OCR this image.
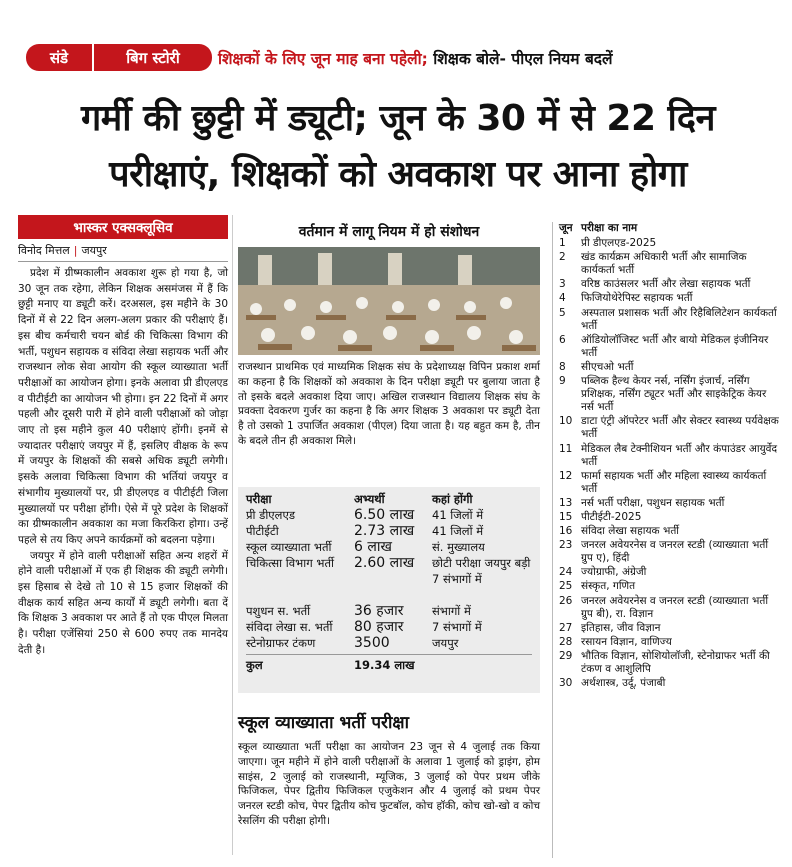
संडे	बिग स्टोरी शिक्षकों के लिए जून माह बना पहेली;
शिक्षक बोले- पीएल नियम बदलें
गर्मी की छुट्टी में ड्यूटी; जून के 30 में से 22 दिन
परीक्षाएं, शिक्षकों को अवकाश पर आना होगा
भास्कर एक्सक्लूसिव
विनोद मित्तल | जयपुर

प्रदेश में ग्रीष्मकालीन अवकाश शुरू हो गया है, जो 30 जून तक रहेगा, लेकिन शिक्षक असमंजस में हैं कि छुट्टी मनाए या ड्यूटी करें। दरअसल, इस महीने के 30 दिनों में से 22 दिन अलग-अलग प्रकार की परीक्षाएं हैं। इस बीच कर्मचारी चयन बोर्ड की चिकित्सा विभाग की भर्ती, पशुधन सहायक व संविदा लेखा सहायक भर्ती और राजस्थान लोक सेवा आयोग की स्कूल व्याख्याता भर्ती परीक्षाओं का आयोजन होगा। इनके अलावा प्री डीएलएड व पीटीईटी का आयोजन भी होगा। इन 22 दिनों में अगर पहली और दूसरी पारी में होने वाली परीक्षाओं को जोड़ा जाए तो इस महीने कुल 40 परीक्षाएं होंगी। इनमें से ज्यादातर परीक्षाएं जयपुर में हैं, इसलिए वीक्षक के रूप में जयपुर के शिक्षकों की सबसे अधिक ड्यूटी लगेगी। इसके अलावा चिकित्सा विभाग की भर्तियां जयपुर व संभागीय मुख्यालयों पर, प्री डीएलएड व पीटीईटी जिला मुख्यालयों पर परीक्षा होंगी। ऐसे में पूरे प्रदेश के शिक्षकों का ग्रीष्मकालीन अवकाश का मजा किरकिरा होगा। उन्हें पहले से तय किए अपने कार्यक्रमों को बदलना पड़ेगा।

जयपुर में होने वाली परीक्षाओं सहित अन्य शहरों में होने वाली परीक्षाओं में एक ही शिक्षक की ड्यूटी लगेगी। इस हिसाब से देखे तो 10 से 15 हजार शिक्षकों की वीक्षक कार्य सहित अन्य कार्यों में ड्यूटी लगेगी। बता दें कि शिक्षक 3 अवकाश पर आते हैं तो एक पीएल मिलता है। परीक्षा एजेंसियां 250 से 600 रुपए तक मानदेय देती है।

वर्तमान में लागू नियम में हो संशोधन
राजस्थान प्राथमिक एवं माध्यमिक शिक्षक संघ के प्रदेशाध्यक्ष विपिन प्रकाश शर्मा का कहना है कि शिक्षकों को अवकाश के दिन परीक्षा ड्यूटी पर बुलाया जाता है तो इसके बदले अवकाश दिया जाए। अखिल राजस्थान विद्यालय शिक्षक संघ के प्रवक्ता देवकरण गुर्जर का कहना है कि अगर शिक्षक 3 अवकाश पर ड्यूटी देता है तो उसको 1 उपार्जित अवकाश (पीएल) दिया जाता है। यह बहुत कम है, तीन के बदले तीन ही अवकाश मिले।
परीक्षा	अभ्यर्थी	कहां होंगी
प्री डीएलएड	6.50 लाख	41 जिलों में
पीटीईटी	2.73 लाख	41 जिलों में
स्कूल व्याख्याता भर्ती	6 लाख	सं. मुख्यालय
चिकित्सा विभाग भर्ती	2.60 लाख	छोटी परीक्षा जयपुर बड़ी 7 संभागों में
पशुधन स. भर्ती	36 हजार	संभागों में
संविदा लेखा स. भर्ती	80 हजार	7 संभागों में
स्टेनोग्राफर टंकण	3500	जयपुर
कुल	19.34 लाख
स्कूल व्याख्याता भर्ती परीक्षा
स्कूल व्याख्याता भर्ती परीक्षा का आयोजन 23 जून से 4 जुलाई तक किया जाएगा। जून महीने में होने वाली परीक्षाओं के अलावा 1 जुलाई को ड्राइंग, होम साइंस, 2 जुलाई को राजस्थानी, म्यूजिक, 3 जुलाई को पेपर प्रथम जीके फिजिकल, पेपर द्वितीय फिजिकल एजुकेशन और 4 जुलाई को प्रथम पेपर जनरल स्टडी कोच, पेपर द्वितीय कोच फुटबॉल, कोच हॉकी, कोच खो-खो व कोच रेसलिंग की परीक्षा होगी।
जून परीक्षा का नाम
1	प्री डीएलएड-2025
2	खंड कार्यक्रम अधिकारी भर्ती और सामाजिक कार्यकर्ता भर्ती
3	वरिष्ठ काउंसलर भर्ती और लेखा सहायक भर्ती
4	फिजियोथेरेपिस्ट सहायक भर्ती
5	अस्पताल प्रशासक भर्ती और रिहैबिलिटेशन कार्यकर्ता भर्ती
6	ऑडियोलॉजिस्ट भर्ती और बायो मेडिकल इंजीनियर भर्ती
8	सीएचओ भर्ती
9	पब्लिक हैल्थ केयर नर्स, नर्सिंग इंजार्च, नर्सिंग प्रशिक्षक, नर्सिंग ट्यूटर भर्ती और साइकेट्रिक केयर नर्स भर्ती
10 डाटा एंट्री ऑपरेटर भर्ती और सेक्टर स्वास्थ्य पर्यवेक्षक भर्ती
11 मेडिकल लैब टेक्नीशियन भर्ती और कंपाउंडर आयुर्वेद भर्ती
12 फार्मा सहायक भर्ती और महिला स्वास्थ्य कार्यकर्ता भर्ती
13 नर्स भर्ती परीक्षा, पशुधन सहायक भर्ती
15 पीटीईटी-2025
16 संविदा लेखा सहायक भर्ती
23 जनरल अवेयरनेस व जनरल स्टडी (व्याख्याता भर्ती ग्रुप ए), हिंदी
24 ज्योग्राफी, अंग्रेजी
25 संस्कृत, गणित
26 जनरल अवेयरनेस व जनरल स्टडी (व्याख्याता भर्ती ग्रुप बी), रा. विज्ञान
27 इतिहास, जीव विज्ञान
28 रसायन विज्ञान, वाणिज्य
29 भौतिक विज्ञान, सोशियोलॉजी, स्टेनोग्राफर भर्ती की टंकण व आशुलिपि
30 अर्थशास्त्र, उर्दू, पंजाबी
